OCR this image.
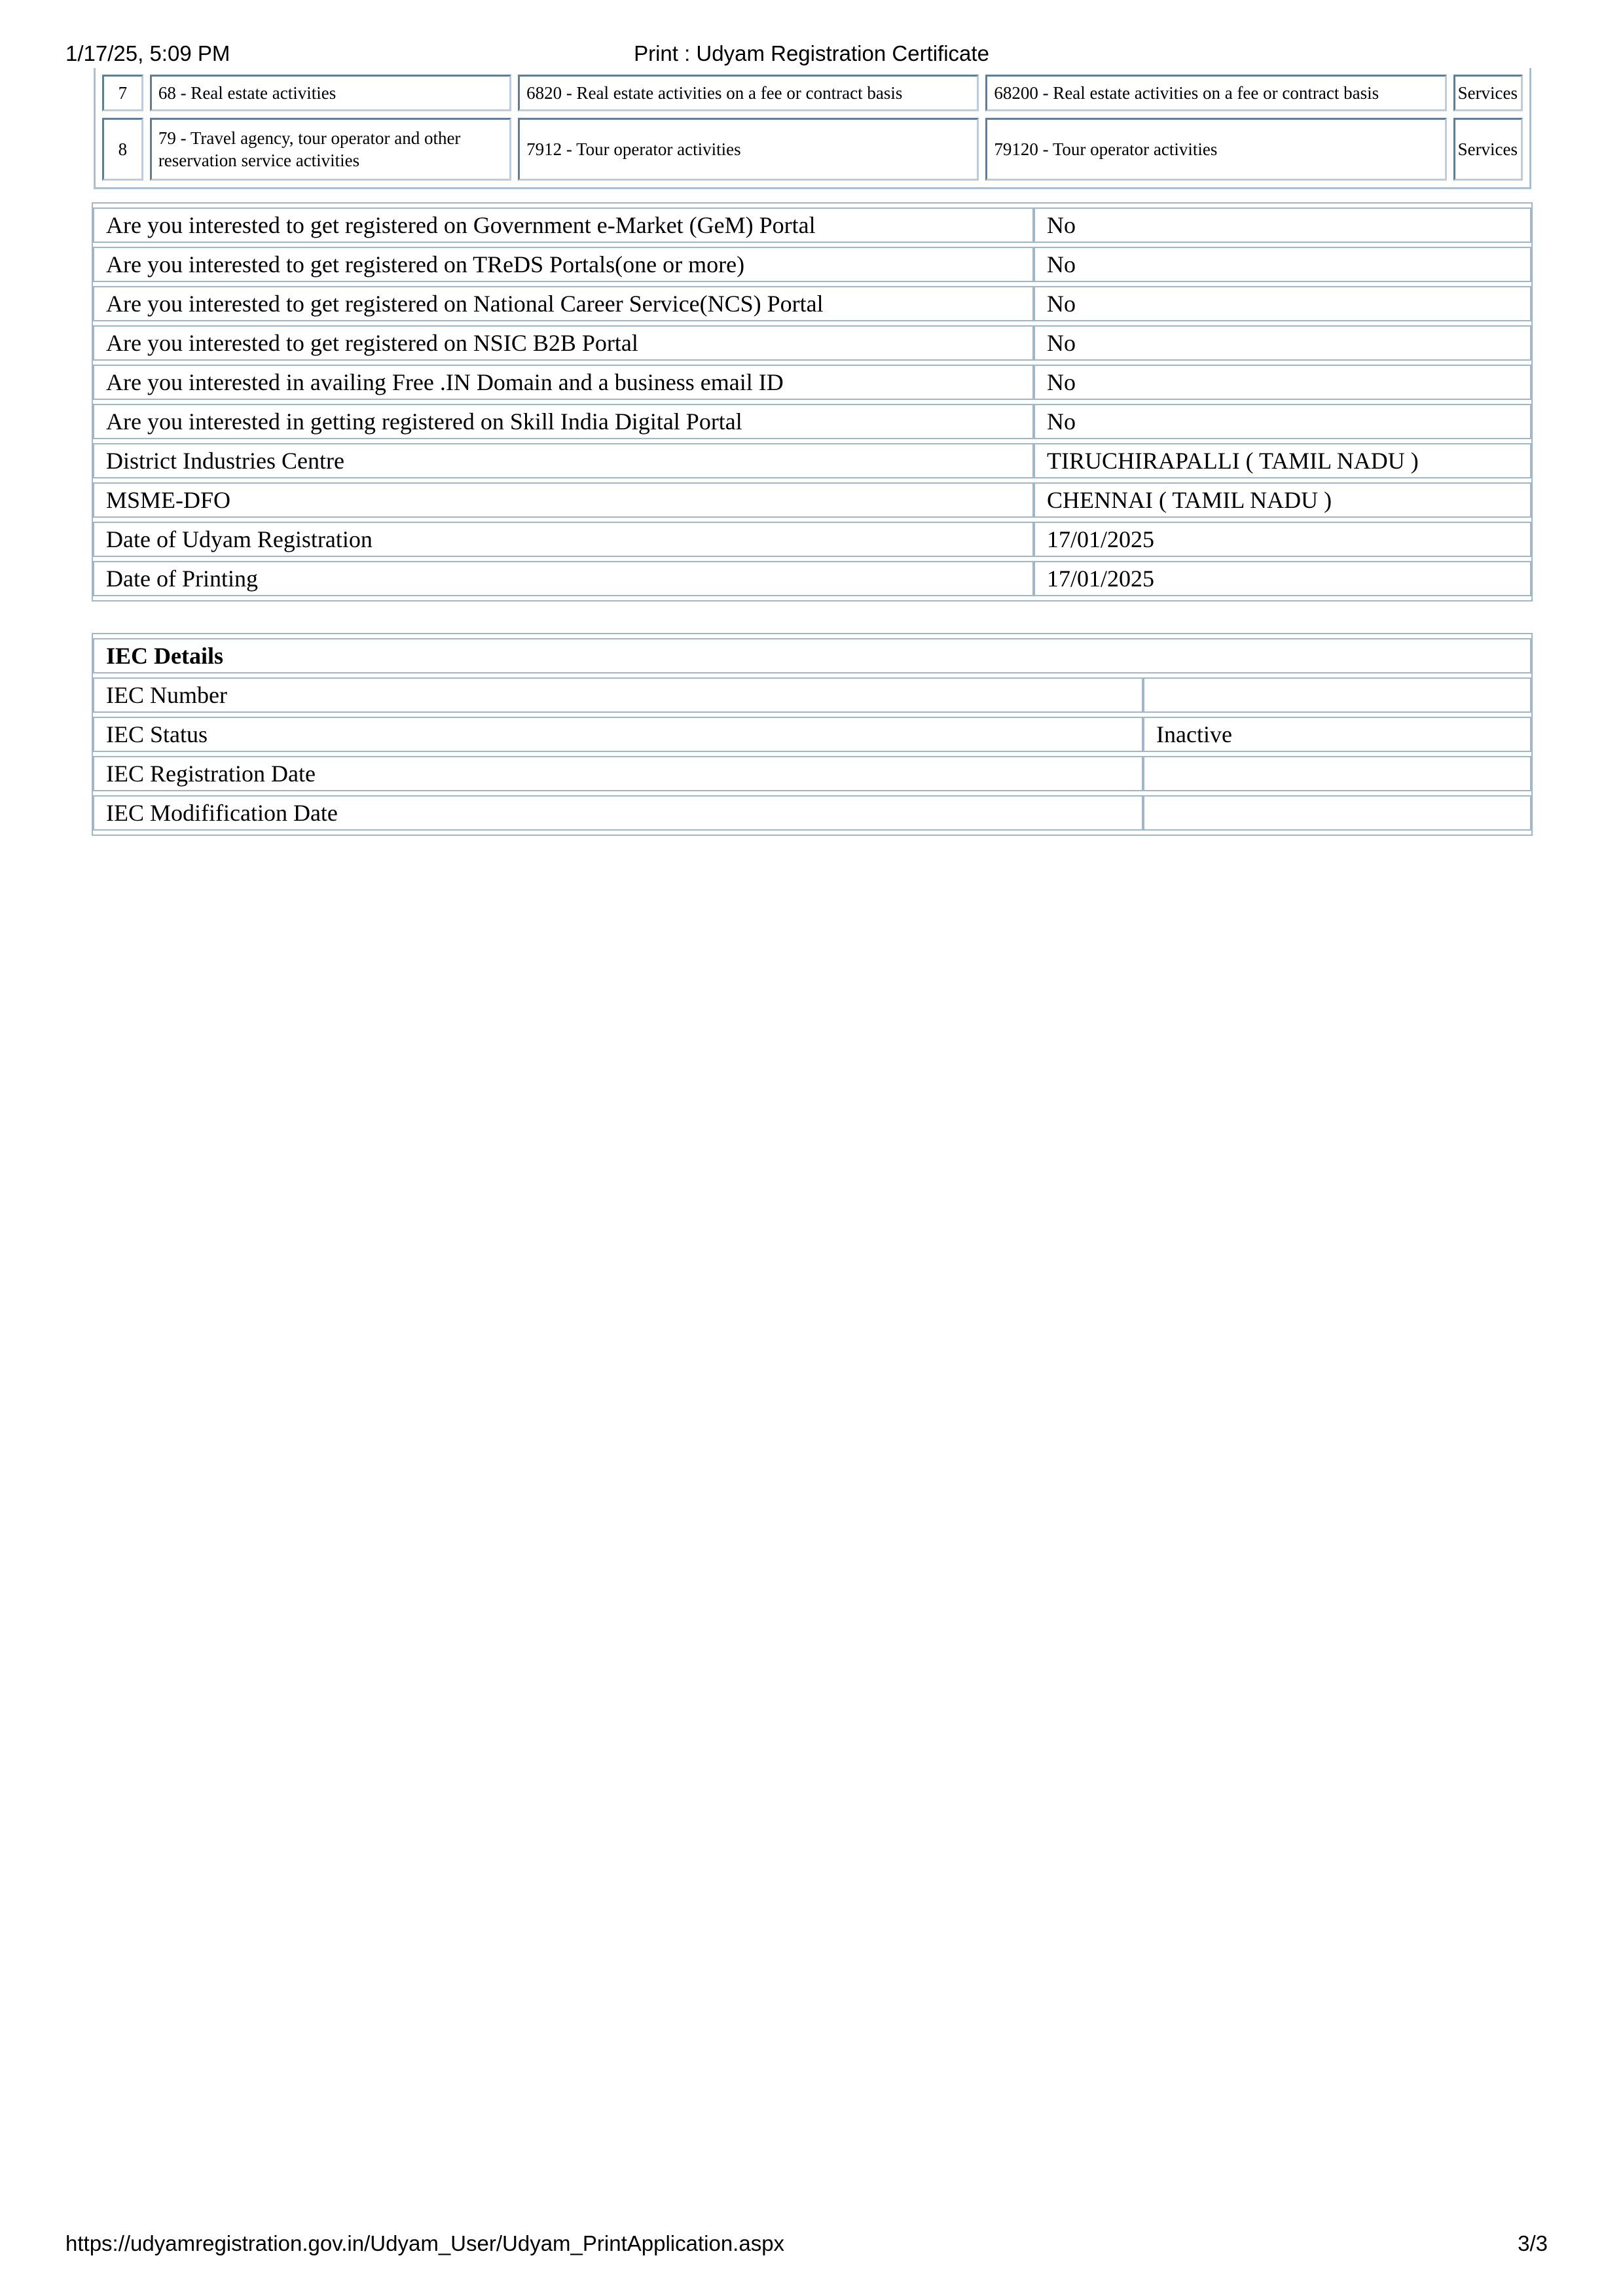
1/17/25, 5:09 PM	Print : Udyam Registration Certificate
7	68 - Real estate activities	6820 - Real estate activities on a fee or contract basis	68200 - Real estate activities on a fee or contract basis	Services
8	79 - Travel agency, tour operator and other reservation service activities	7912 - Tour operator activities	79120 - Tour operator activities	Services
Are you interested to get registered on Government e-Market (GeM) Portal	No
Are you interested to get registered on TReDS Portals(one or more)	No
Are you interested to get registered on National Career Service(NCS) Portal	No
Are you interested to get registered on NSIC B2B Portal	No
Are you interested in availing Free .IN Domain and a business email ID	No
Are you interested in getting registered on Skill India Digital Portal	No
District Industries Centre	TIRUCHIRAPALLI ( TAMIL NADU )
MSME-DFO	CHENNAI ( TAMIL NADU )
Date of Udyam Registration	17/01/2025
Date of Printing	17/01/2025
IEC Details	
IEC Number	
IEC Status	Inactive
IEC Registration Date	
IEC Modifification Date	
https://udyamregistration.gov.in/Udyam_User/Udyam_PrintApplication.aspx	3/3
